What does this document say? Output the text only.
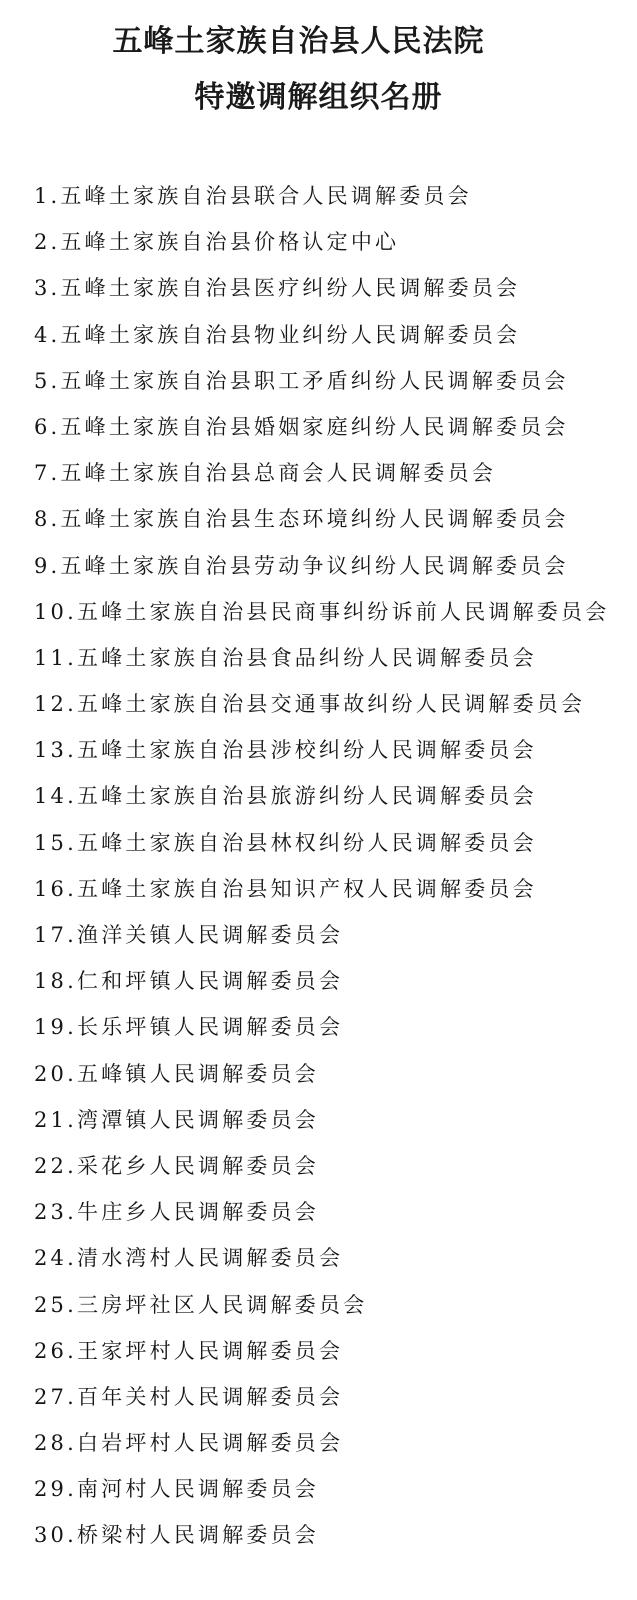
五峰土家族自治县人民法院
特邀调解组织名册
1.五峰土家族自治县联合人民调解委员会
2.五峰土家族自治县价格认定中心
3.五峰土家族自治县医疗纠纷人民调解委员会
4.五峰土家族自治县物业纠纷人民调解委员会
5.五峰土家族自治县职工矛盾纠纷人民调解委员会
6.五峰土家族自治县婚姻家庭纠纷人民调解委员会
7.五峰土家族自治县总商会人民调解委员会
8.五峰土家族自治县生态环境纠纷人民调解委员会
9.五峰土家族自治县劳动争议纠纷人民调解委员会
10.五峰土家族自治县民商事纠纷诉前人民调解委员会
11.五峰土家族自治县食品纠纷人民调解委员会
12.五峰土家族自治县交通事故纠纷人民调解委员会
13.五峰土家族自治县涉校纠纷人民调解委员会
14.五峰土家族自治县旅游纠纷人民调解委员会
15.五峰土家族自治县林权纠纷人民调解委员会
16.五峰土家族自治县知识产权人民调解委员会
17.渔洋关镇人民调解委员会
18.仁和坪镇人民调解委员会
19.长乐坪镇人民调解委员会
20.五峰镇人民调解委员会
21.湾潭镇人民调解委员会
22.采花乡人民调解委员会
23.牛庄乡人民调解委员会
24.清水湾村人民调解委员会
25.三房坪社区人民调解委员会
26.王家坪村人民调解委员会
27.百年关村人民调解委员会
28.白岩坪村人民调解委员会
29.南河村人民调解委员会
30.桥梁村人民调解委员会
